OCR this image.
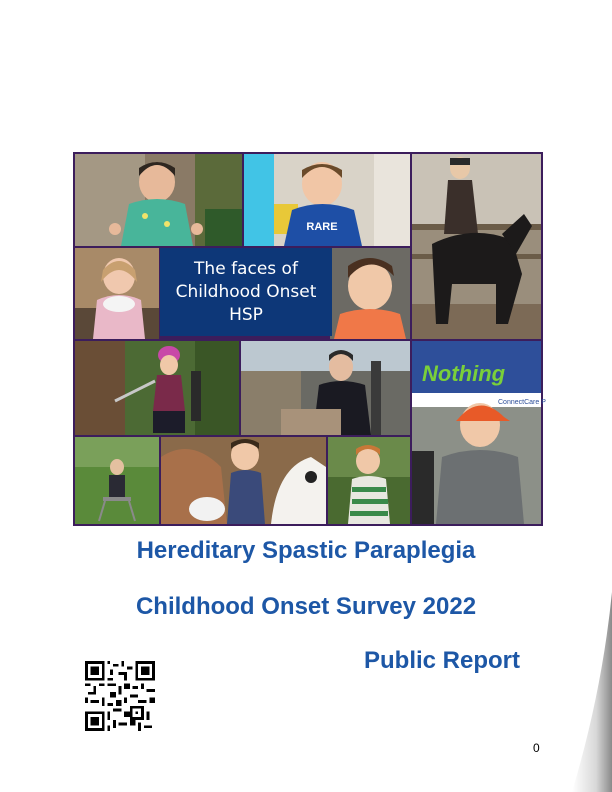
RARE
Nothing
ConnectCare P
The faces of
Childhood Onset
HSP
Hereditary Spastic Paraplegia
Childhood Onset Survey 2022
Public Report
0
